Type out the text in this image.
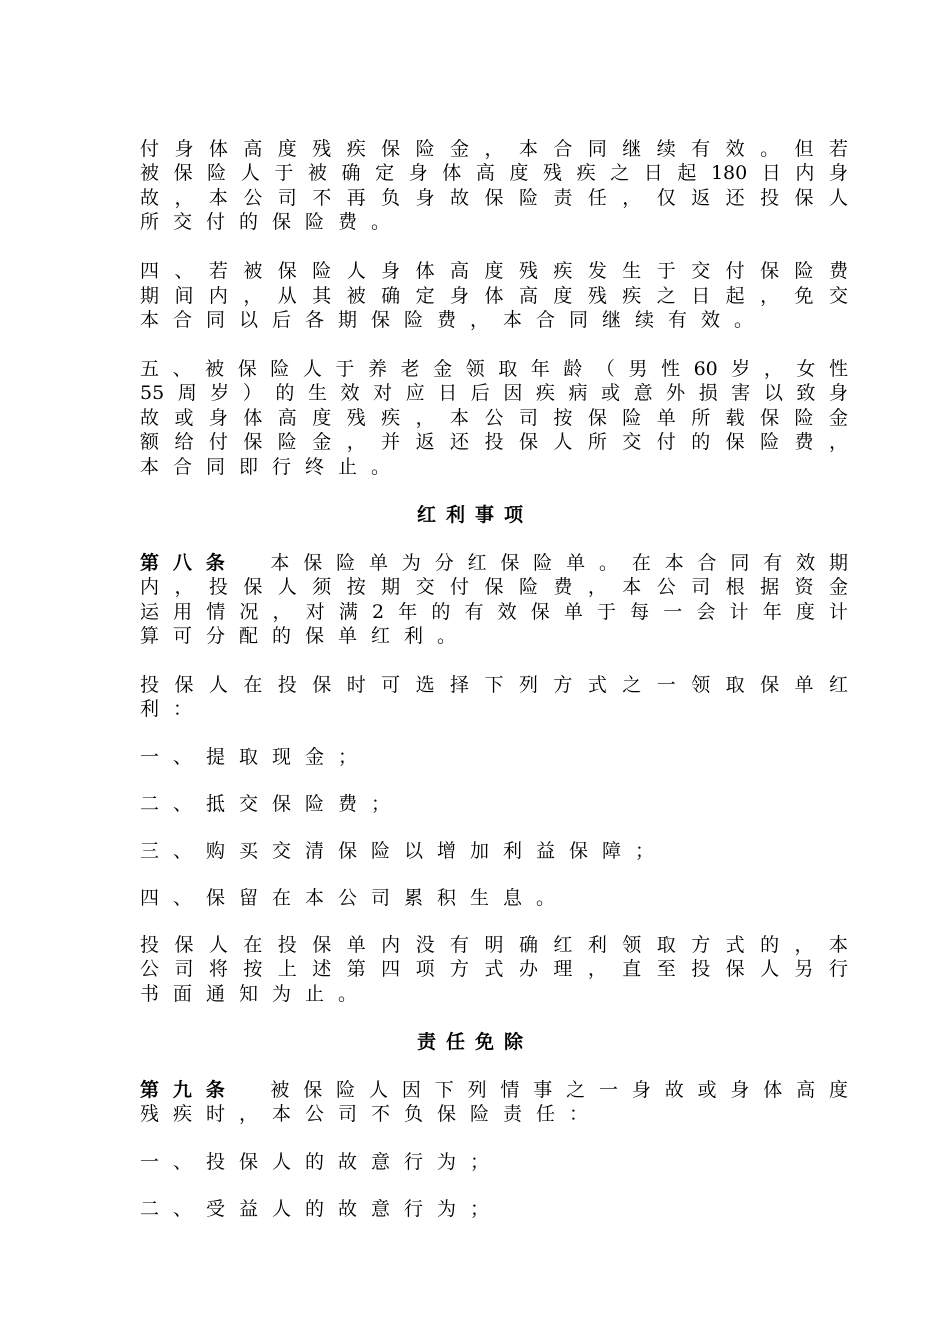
付身体高度残疾保险金，本合同继续有效。但若
被保险人于被确定身体高度残疾之日起180日内身
故，本公司不再负身故保险责任，仅返还投保人
所交付的保险费。
四、若被保险人身体高度残疾发生于交付保险费
期间内，从其被确定身体高度残疾之日起，免交
本合同以后各期保险费，本合同继续有效。
五、被保险人于养老金领取年龄（男性60岁，女性
55周岁）的生效对应日后因疾病或意外损害以致身
故或身体高度残疾，本公司按保险单所载保险金
额给付保险金，并返还投保人所交付的保险费，
本合同即行终止。
红利事项
第八条 本保险单为分红保险单。在本合同有效期
内，投保人须按期交付保险费，本公司根据资金
运用情况，对满2年的有效保单于每一会计年度计
算可分配的保单红利。
投保人在投保时可选择下列方式之一领取保单红
利：
一、提取现金；
二、抵交保险费；
三、购买交清保险以增加利益保障；
四、保留在本公司累积生息。
投保人在投保单内没有明确红利领取方式的，本
公司将按上述第四项方式办理，直至投保人另行
书面通知为止。
责任免除
第九条 被保险人因下列情事之一身故或身体高度
残疾时，本公司不负保险责任：
一、投保人的故意行为；
二、受益人的故意行为；
